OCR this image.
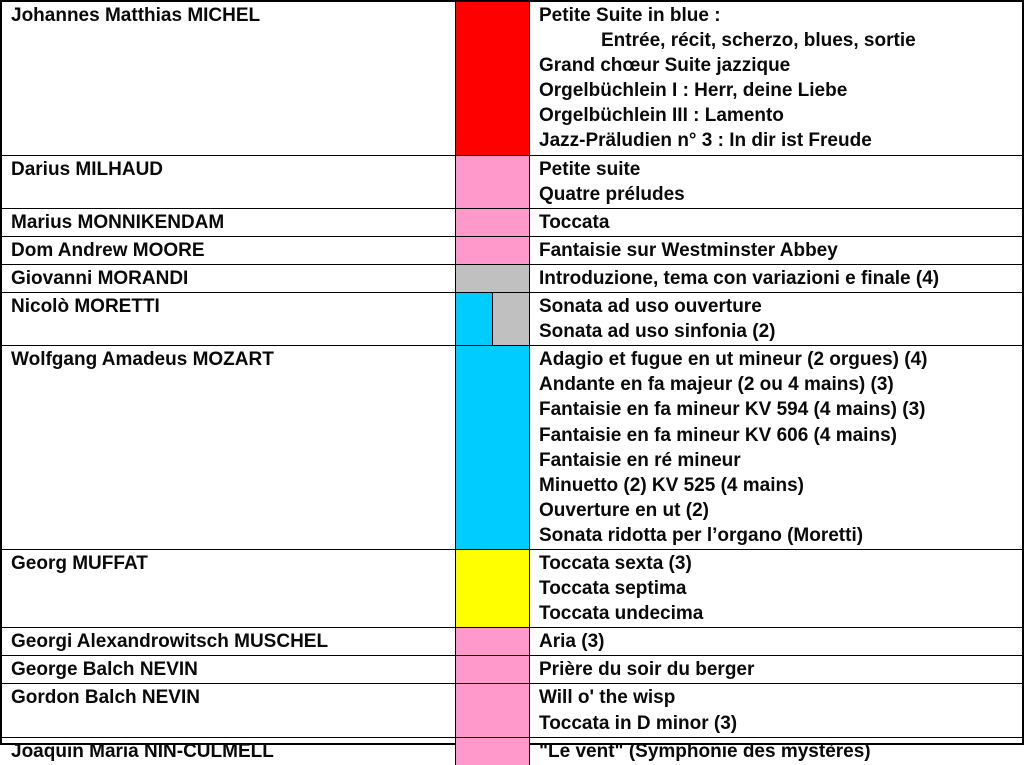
Johannes Matthias MICHEL	Petite Suite in blue :
Entrée, récit, scherzo, blues, sortie
Grand chœur Suite jazzique
Orgelbüchlein I : Herr, deine Liebe
Orgelbüchlein III : Lamento
Jazz-Präludien n° 3 : In dir ist Freude
Darius MILHAUD	Petite suite
Quatre préludes
Marius MONNIKENDAM	Toccata
Dom Andrew MOORE	Fantaisie sur Westminster Abbey
Giovanni MORANDI	Introduzione, tema con variazioni e finale (4)
Nicolò MORETTI	Sonata ad uso ouverture
Sonata ad uso sinfonia (2)
Wolfgang Amadeus MOZART	Adagio et fugue en ut mineur (2 orgues) (4)
Andante en fa majeur (2 ou 4 mains) (3)
Fantaisie en fa mineur KV 594 (4 mains) (3)
Fantaisie en fa mineur KV 606 (4 mains)
Fantaisie en ré mineur
Minuetto (2) KV 525 (4 mains)
Ouverture en ut (2)
Sonata ridotta per l’organo (Moretti)
Georg MUFFAT	Toccata sexta (3)
Toccata septima
Toccata undecima
Georgi Alexandrowitsch MUSCHEL	Aria (3)
George Balch NEVIN	Prière du soir du berger
Gordon Balch NEVIN	Will o' the wisp
Toccata in D minor (3)
Joaquin Maria NIN-CULMELL	"Le vent" (Symphonie des mystères)
